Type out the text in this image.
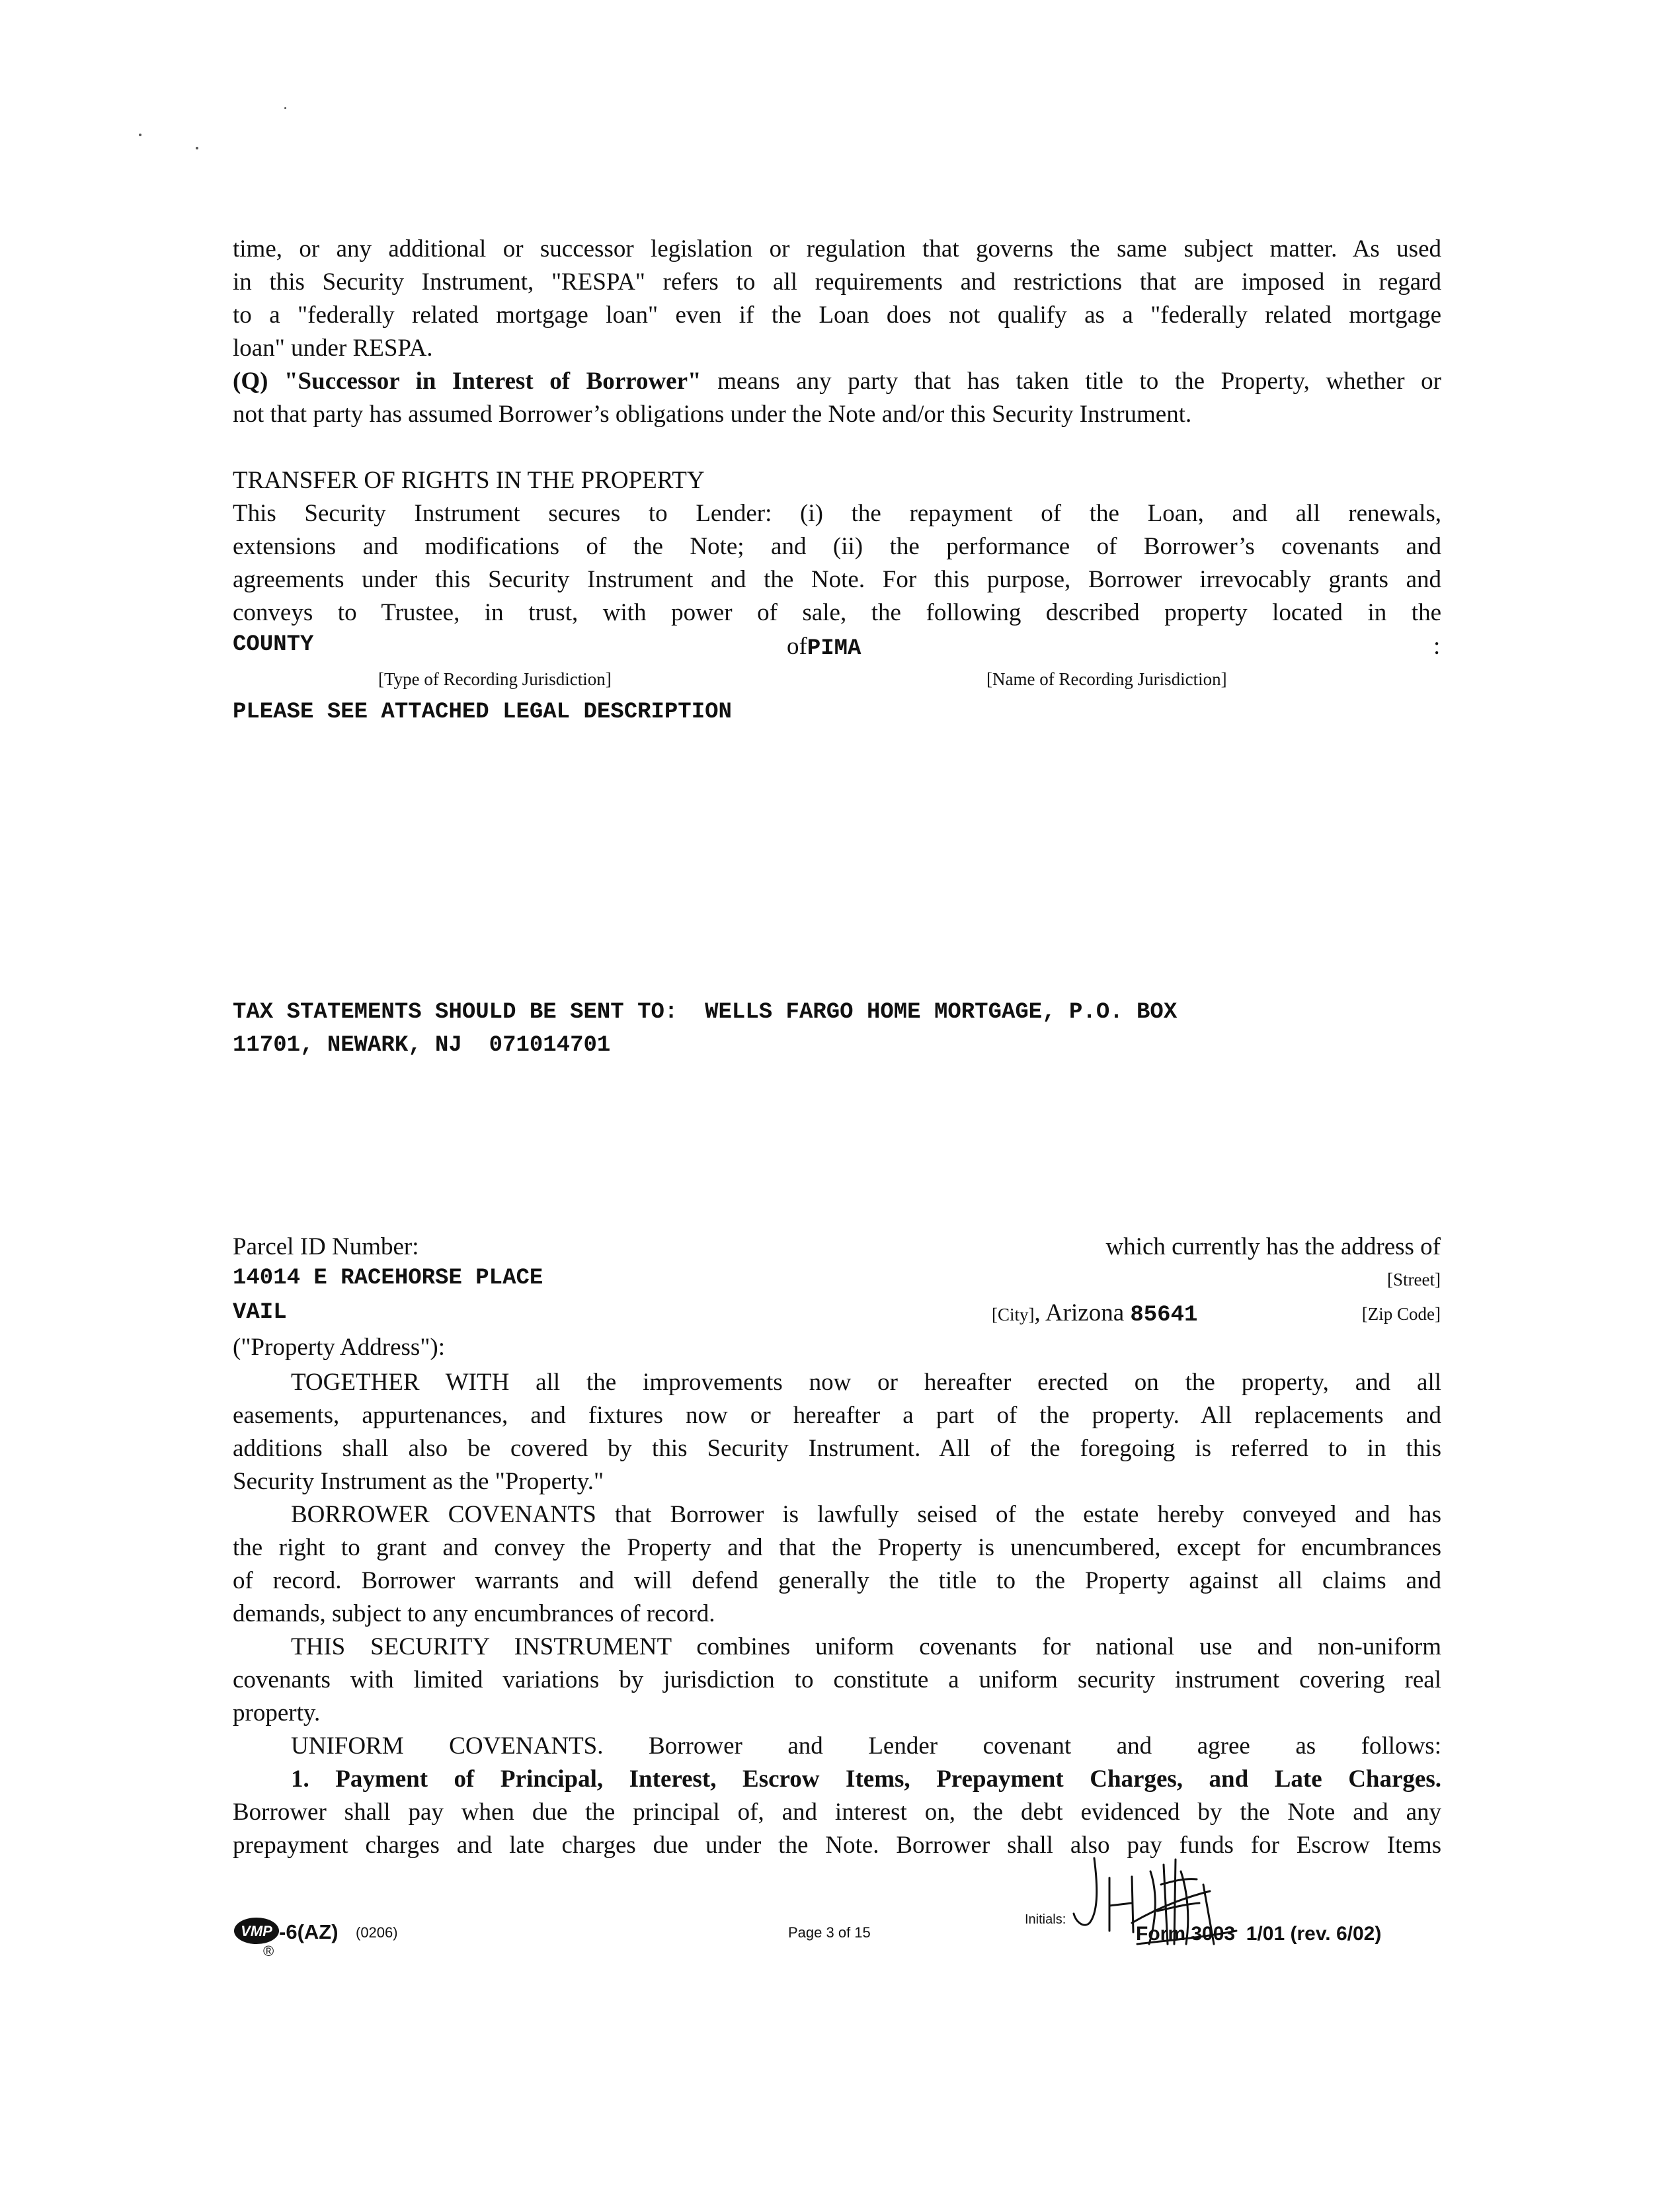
time, or any additional or successor legislation or regulation that governs the same subject matter. As used
in this Security Instrument, "RESPA" refers to all requirements and restrictions that are imposed in regard
to a "federally related mortgage loan" even if the Loan does not qualify as a "federally related mortgage
loan" under RESPA.
(Q) "Successor in Interest of Borrower" means any party that has taken title to the Property, whether or
not that party has assumed Borrower’s obligations under the Note and/or this Security Instrument.
TRANSFER OF RIGHTS IN THE PROPERTY
This Security Instrument secures to Lender: (i) the repayment of the Loan, and all renewals,
extensions and modifications of the Note; and (ii) the performance of Borrower’s covenants and
agreements under this Security Instrument and the Note. For this purpose, Borrower irrevocably grants and
conveys to Trustee, in trust, with power of sale, the following described property located in the
COUNTY	ofPIMA	:
[Type of Recording Jurisdiction]	[Name of Recording Jurisdiction]
PLEASE SEE ATTACHED LEGAL DESCRIPTION
TAX STATEMENTS SHOULD BE SENT TO:  WELLS FARGO HOME MORTGAGE, P.O. BOX
11701, NEWARK, NJ  071014701
Parcel ID Number:	which currently has the address of
14014 E RACEHORSE PLACE	[Street]
VAIL	[City], Arizona 85641	[Zip Code]
("Property Address"):
TOGETHER WITH all the improvements now or hereafter erected on the property, and all
easements, appurtenances, and fixtures now or hereafter a part of the property. All replacements and
additions shall also be covered by this Security Instrument. All of the foregoing is referred to in this
Security Instrument as the "Property."
BORROWER COVENANTS that Borrower is lawfully seised of the estate hereby conveyed and has
the right to grant and convey the Property and that the Property is unencumbered, except for encumbrances
of record. Borrower warrants and will defend generally the title to the Property against all claims and
demands, subject to any encumbrances of record.
THIS SECURITY INSTRUMENT combines uniform covenants for national use and non-uniform
covenants with limited variations by jurisdiction to constitute a uniform security instrument covering real
property.
UNIFORM COVENANTS. Borrower and Lender covenant and agree as follows:
1. Payment of Principal, Interest, Escrow Items, Prepayment Charges, and Late Charges.
Borrower shall pay when due the principal of, and interest on, the debt evidenced by the Note and any
prepayment charges and late charges due under the Note. Borrower shall also pay funds for Escrow Items
VMP
®
-6(AZ) (0206)	Page 3 of 15
Initials:
Form 3003  1/01 (rev. 6/02)
